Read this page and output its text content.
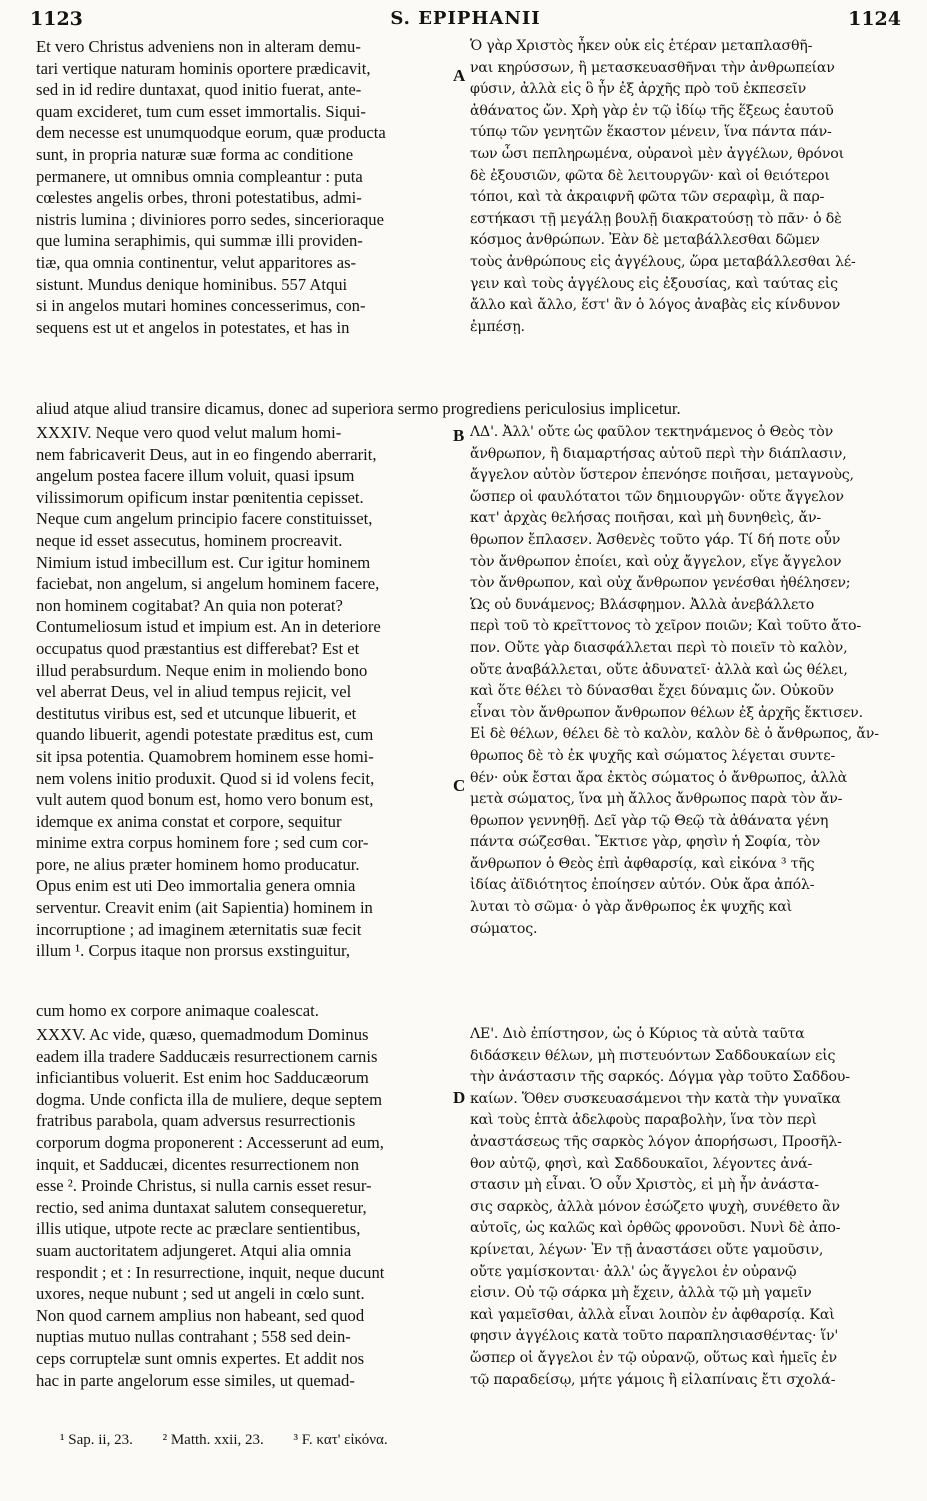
1123	S. EPIPHANII	1124
A
B
C
D
Et vero Christus adveniens non in alteram demu-
tari vertique naturam hominis oportere prædicavit,
sed in id redire duntaxat, quod initio fuerat, ante-
quam excideret, tum cum esset immortalis. Siqui-
dem necesse est unumquodque eorum, quæ producta
sunt, in propria naturæ suæ forma ac conditione
permanere, ut omnibus omnia compleantur : puta
cœlestes angelis orbes, throni potestatibus, admi-
nistris lumina ; diviniores porro sedes, sincerioraque
que lumina seraphimis, qui summæ illi providen-
tiæ, qua omnia continentur, velut apparitores as-
sistunt. Mundus denique hominibus. 557 Atqui
si in angelos mutari homines concesserimus, con-
sequens est ut et angelos in potestates, et has in
Ὁ γὰρ Χριστὸς ἦκεν οὐκ εἰς ἑτέραν μεταπλασθῆ-
ναι κηρύσσων, ἢ μετασκευασθῆναι τὴν ἀνθρωπείαν
φύσιν, ἀλλὰ εἰς ὃ ἦν ἐξ ἀρχῆς πρὸ τοῦ ἐκπεσεῖν
ἀθάνατος ὤν. Χρὴ γὰρ ἐν τῷ ἰδίῳ τῆς ἕξεως ἑαυτοῦ
τύπῳ τῶν γενητῶν ἕκαστον μένειν, ἵνα πάντα πάν-
των ὦσι πεπληρωμένα, οὐρανοὶ μὲν ἀγγέλων, θρόνοι
δὲ ἐξουσιῶν, φῶτα δὲ λειτουργῶν· καὶ οἱ θειότεροι
τόποι, καὶ τὰ ἀκραιφνῆ φῶτα τῶν σεραφὶμ, ἃ παρ-
εστήκασι τῇ μεγάλῃ βουλῇ διακρατούσῃ τὸ πᾶν· ὁ δὲ
κόσμος ἀνθρώπων. Ἐὰν δὲ μεταβάλλεσθαι δῶμεν
τοὺς ἀνθρώπους εἰς ἀγγέλους, ὥρα μεταβάλλεσθαι λέ-
γειν καὶ τοὺς ἀγγέλους εἰς ἐξουσίας, καὶ ταύτας εἰς
ἄλλο καὶ ἄλλο, ἕστ' ἂν ὁ λόγος ἀναβὰς εἰς κίνδυνον
ἐμπέσῃ.
aliud atque aliud transire dicamus, donec ad superiora sermo progrediens periculosius implicetur.
XXXIV. Neque vero quod velut malum homi-
nem fabricaverit Deus, aut in eo fingendo aberrarit,
angelum postea facere illum voluit, quasi ipsum
vilissimorum opificum instar pœnitentia cepisset.
Neque cum angelum principio facere constituisset,
neque id esset assecutus, hominem procreavit.
Nimium istud imbecillum est. Cur igitur hominem
faciebat, non angelum, si angelum hominem facere,
non hominem cogitabat? An quia non poterat?
Contumeliosum istud et impium est. An in deteriore
occupatus quod præstantius est differebat? Est et
illud perabsurdum. Neque enim in moliendo bono
vel aberrat Deus, vel in aliud tempus rejicit, vel
destitutus viribus est, sed et utcunque libuerit, et
quando libuerit, agendi potestate præditus est, cum
sit ipsa potentia. Quamobrem hominem esse homi-
nem volens initio produxit. Quod si id volens fecit,
vult autem quod bonum est, homo vero bonum est,
idemque ex anima constat et corpore, sequitur
minime extra corpus hominem fore ; sed cum cor-
pore, ne alius præter hominem homo producatur.
Opus enim est uti Deo immortalia genera omnia
serventur. Creavit enim (ait Sapientia) hominem in
incorruptione ; ad imaginem æternitatis suæ fecit
illum ¹. Corpus itaque non prorsus exstinguitur,
ΛΔ'. Ἀλλ' οὔτε ὡς φαῦλον τεκτηνάμενος ὁ Θεὸς τὸν
ἄνθρωπον, ἢ διαμαρτήσας αὐτοῦ περὶ τὴν διάπλασιν,
ἄγγελον αὐτὸν ὕστερον ἐπενόησε ποιῆσαι, μεταγνοὺς,
ὥσπερ οἱ φαυλότατοι τῶν δημιουργῶν· οὔτε ἄγγελον
κατ' ἀρχὰς θελήσας ποιῆσαι, καὶ μὴ δυνηθεὶς, ἄν-
θρωπον ἔπλασεν. Ἀσθενὲς τοῦτο γάρ. Τί δή ποτε οὖν
τὸν ἄνθρωπον ἐποίει, καὶ οὐχ ἄγγελον, εἴγε ἄγγελον
τὸν ἄνθρωπον, καὶ οὐχ ἄνθρωπον γενέσθαι ἠθέλησεν;
Ὡς οὐ δυνάμενος; Βλάσφημον. Ἀλλὰ ἀνεβάλλετο
περὶ τοῦ τὸ κρεῖττονος τὸ χεῖρον ποιῶν; Καὶ τοῦτο ἄτο-
πον. Οὔτε γὰρ διασφάλλεται περὶ τὸ ποιεῖν τὸ καλὸν,
οὔτε ἀναβάλλεται, οὔτε ἀδυνατεῖ· ἀλλὰ καὶ ὡς θέλει,
καὶ ὅτε θέλει τὸ δύνασθαι ἔχει δύναμις ὤν. Οὐκοῦν
εἶναι τὸν ἄνθρωπον ἄνθρωπον θέλων ἐξ ἀρχῆς ἔκτισεν.
Εἰ δὲ θέλων, θέλει δὲ τὸ καλὸν, καλὸν δὲ ὁ ἄνθρωπος, ἄν-
θρωπος δὲ τὸ ἐκ ψυχῆς καὶ σώματος λέγεται συντε-
θέν· οὐκ ἔσται ἄρα ἐκτὸς σώματος ὁ ἄνθρωπος, ἀλλὰ
μετὰ σώματος, ἵνα μὴ ἄλλος ἄνθρωπος παρὰ τὸν ἄν-
θρωπον γεννηθῇ. Δεῖ γὰρ τῷ Θεῷ τὰ ἀθάνατα γένη
πάντα σώζεσθαι. Ἔκτισε γὰρ, φησὶν ἡ Σοφία, τὸν
ἄνθρωπον ὁ Θεὸς ἐπὶ ἀφθαρσίᾳ, καὶ εἰκόνα ³ τῆς
ἰδίας ἀϊδιότητος ἐποίησεν αὐτόν. Οὐκ ἄρα ἀπόλ-
λυται τὸ σῶμα· ὁ γὰρ ἄνθρωπος ἐκ ψυχῆς καὶ
σώματος.
cum homo ex corpore animaque coalescat.
XXXV. Ac vide, quæso, quemadmodum Dominus
eadem illa tradere Sadducæis resurrectionem carnis
inficiantibus voluerit. Est enim hoc Sadducæorum
dogma. Unde conficta illa de muliere, deque septem
fratribus parabola, quam adversus resurrectionis
corporum dogma proponerent : Accesserunt ad eum,
inquit, et Sadducæi, dicentes resurrectionem non
esse ². Proinde Christus, si nulla carnis esset resur-
rectio, sed anima duntaxat salutem consequeretur,
illis utique, utpote recte ac præclare sentientibus,
suam auctoritatem adjungeret. Atqui alia omnia
respondit ; et : In resurrectione, inquit, neque ducunt
uxores, neque nubunt ; sed ut angeli in cœlo sunt.
Non quod carnem amplius non habeant, sed quod
nuptias mutuo nullas contrahant ; 558 sed dein-
ceps corruptelæ sunt omnis expertes. Et addit nos
hac in parte angelorum esse similes, ut quemad-
ΛΕ'. Διὸ ἐπίστησον, ὡς ὁ Κύριος τὰ αὐτὰ ταῦτα
διδάσκειν θέλων, μὴ πιστευόντων Σαδδουκαίων εἰς
τὴν ἀνάστασιν τῆς σαρκός. Δόγμα γὰρ τοῦτο Σαδδου-
καίων. Ὅθεν συσκευασάμενοι τὴν κατὰ τὴν γυναῖκα
καὶ τοὺς ἑπτὰ ἀδελφοὺς παραβολὴν, ἵνα τὸν περὶ
ἀναστάσεως τῆς σαρκὸς λόγον ἀπορήσωσι, Προσῆλ-
θον αὐτῷ, φησὶ, καὶ Σαδδουκαῖοι, λέγοντες ἀνά-
στασιν μὴ εἶναι. Ὁ οὖν Χριστὸς, εἰ μὴ ἦν ἀνάστα-
σις σαρκὸς, ἀλλὰ μόνον ἐσώζετο ψυχὴ, συνέθετο ἂν
αὐτοῖς, ὡς καλῶς καὶ ὀρθῶς φρονοῦσι. Νυνὶ δὲ ἀπο-
κρίνεται, λέγων· Ἐν τῇ ἀναστάσει οὔτε γαμοῦσιν,
οὔτε γαμίσκονται· ἀλλ' ὡς ἄγγελοι ἐν οὐρανῷ
εἰσιν. Οὐ τῷ σάρκα μὴ ἔχειν, ἀλλὰ τῷ μὴ γαμεῖν
καὶ γαμεῖσθαι, ἀλλὰ εἶναι λοιπὸν ἐν ἀφθαρσίᾳ. Καὶ
φησιν ἀγγέλοις κατὰ τοῦτο παραπλησιασθέντας· ἵν'
ὥσπερ οἱ ἄγγελοι ἐν τῷ οὐρανῷ, οὕτως καὶ ἡμεῖς ἐν
τῷ παραδείσῳ, μήτε γάμοις ἢ εἰλαπίναις ἔτι σχολά-
¹ Sap. ii, 23. ² Matth. xxii, 23. ³ F. κατ' εἰκόνα.
